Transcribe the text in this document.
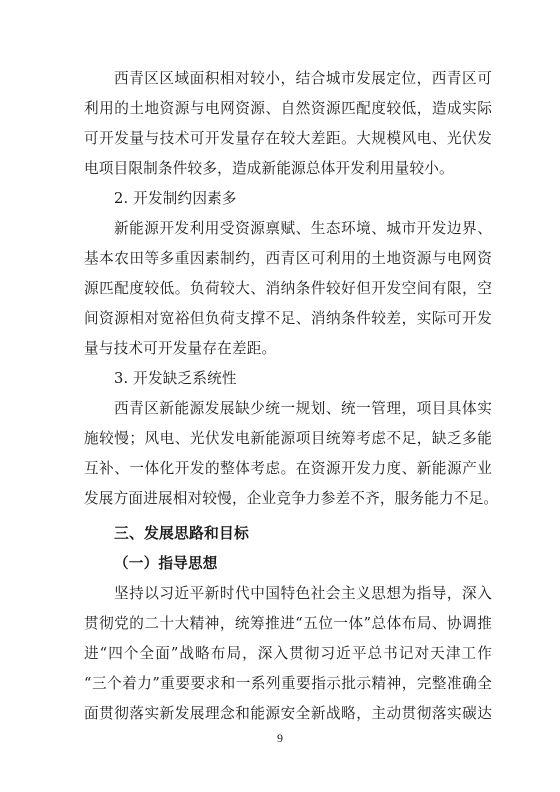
西青区区域面积相对较小，结合城市发展定位，西青区可
利用的土地资源与电网资源、自然资源匹配度较低，造成实际
可开发量与技术可开发量存在较大差距。大规模风电、光伏发
电项目限制条件较多，造成新能源总体开发利用量较小。
2. 开发制约因素多
新能源开发利用受资源禀赋、生态环境、城市开发边界、
基本农田等多重因素制约，西青区可利用的土地资源与电网资
源匹配度较低。负荷较大、消纳条件较好但开发空间有限，空
间资源相对宽裕但负荷支撑不足、消纳条件较差，实际可开发
量与技术可开发量存在差距。
3. 开发缺乏系统性
西青区新能源发展缺少统一规划、统一管理，项目具体实
施较慢；风电、光伏发电新能源项目统筹考虑不足，缺乏多能
互补、一体化开发的整体考虑。在资源开发力度、新能源产业
发展方面进展相对较慢，企业竞争力参差不齐，服务能力不足。
三、发展思路和目标
（一）指导思想
坚持以习近平新时代中国特色社会主义思想为指导，深入
贯彻党的二十大精神，统筹推进“五位一体”总体布局、协调推
进“四个全面”战略布局，深入贯彻习近平总书记对天津工作
“三个着力”重要要求和一系列重要指示批示精神，完整准确全
面贯彻落实新发展理念和能源安全新战略，主动贯彻落实碳达
9
